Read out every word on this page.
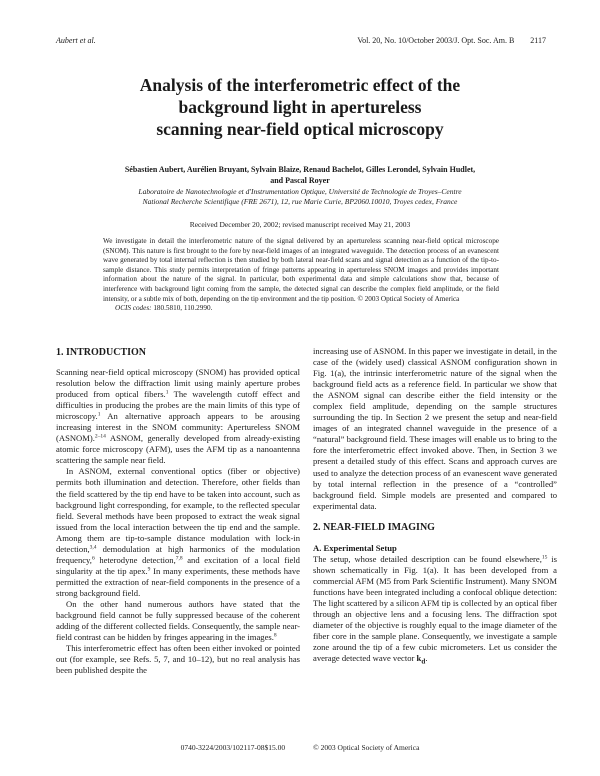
Aubert et al.	Vol. 20, No. 10/October 2003/J. Opt. Soc. Am. B 2117
Analysis of the interferometric effect of the
background light in apertureless
scanning near-field optical microscopy
Sébastien Aubert, Aurélien Bruyant, Sylvain Blaize, Renaud Bachelot, Gilles Lerondel, Sylvain Hudlet,
and Pascal Royer
Laboratoire de Nanotechnologie et d'Instrumentation Optique, Université de Technologie de Troyes–Centre
National Recherche Scientifique (FRE 2671), 12, rue Marie Curie, BP2060.10010, Troyes cedex, France
Received December 20, 2002; revised manuscript received May 21, 2003
We investigate in detail the interferometric nature of the signal delivered by an apertureless scanning near-field optical microscope (SNOM). This nature is first brought to the fore by near-field images of an integrated waveguide. The detection process of an evanescent wave generated by total internal reflection is then studied by both lateral near-field scans and signal detection as a function of the tip-to-sample distance. This study permits interpretation of fringe patterns appearing in apertureless SNOM images and provides important information about the nature of the signal. In particular, both experimental data and simple calculations show that, because of interference with background light coming from the sample, the detected signal can describe the complex field amplitude, or the field intensity, or a subtle mix of both, depending on the tip environment and the tip position. © 2003 Optical Society of America
OCIS codes: 180.5810, 110.2990.
1. INTRODUCTION

Scanning near-field optical microscopy (SNOM) has provided optical resolution below the diffraction limit using mainly aperture probes produced from optical fibers.$^1$ The wavelength cutoff effect and difficulties in producing the probes are the main limits of this type of microscopy.$^1$ An alternative approach appears to be arousing increasing interest in the SNOM community: Apertureless SNOM (ASNOM).$^{2-14}$ ASNOM, generally developed from already-existing atomic force microscopy (AFM), uses the AFM tip as a nanoantenna scattering the sample near field.

In ASNOM, external conventional optics (fiber or objective) permits both illumination and detection. Therefore, other fields than the field scattered by the tip end have to be taken into account, such as background light corresponding, for example, to the reflected specular field. Several methods have been proposed to extract the weak signal issued from the local interaction between the tip end and the sample. Among them are tip-to-sample distance modulation with lock-in detection,$^{3,4}$ demodulation at high harmonics of the modulation frequency,$^6$ heterodyne detection,$^{7,8}$ and excitation of a local field singularity at the tip apex.$^9$ In many experiments, these methods have permitted the extraction of near-field components in the presence of a strong background field.

On the other hand numerous authors have stated that the background field cannot be fully suppressed because of the coherent adding of the different collected fields. Consequently, the sample near-field contrast can be hidden by fringes appearing in the images.$^8$

This interferometric effect has often been either invoked or pointed out (for example, see Refs. 5, 7, and 10–12), but no real analysis has been published despite the

increasing use of ASNOM. In this paper we investigate in detail, in the case of the (widely used) classical ASNOM configuration shown in Fig. 1(a), the intrinsic interferometric nature of the signal when the background field acts as a reference field. In particular we show that the ASNOM signal can describe either the field intensity or the complex field amplitude, depending on the sample structures surrounding the tip. In Section 2 we present the setup and near-field images of an integrated channel waveguide in the presence of a “natural” background field. These images will enable us to bring to the fore the interferometric effect invoked above. Then, in Section 3 we present a detailed study of this effect. Scans and approach curves are used to analyze the detection process of an evanescent wave generated by total internal reflection in the presence of a “controlled” background field. Simple models are presented and compared to experimental data.

2. NEAR-FIELD IMAGING
A. Experimental Setup

The setup, whose detailed description can be found elsewhere,$^{15}$ is shown schematically in Fig. 1(a). It has been developed from a commercial AFM (M5 from Park Scientific Instrument). Many SNOM functions have been integrated including a confocal oblique detection: The light scattered by a silicon AFM tip is collected by an optical fiber through an objective lens and a focusing lens. The diffraction spot diameter of the objective is roughly equal to the image diameter of the fiber core in the sample plane. Consequently, we investigate a sample zone around the tip of a few cubic micrometers. Let us consider the average detected wave vector $k_d$.

0740-3224/2003/102117-08$15.00	© 2003 Optical Society of America
